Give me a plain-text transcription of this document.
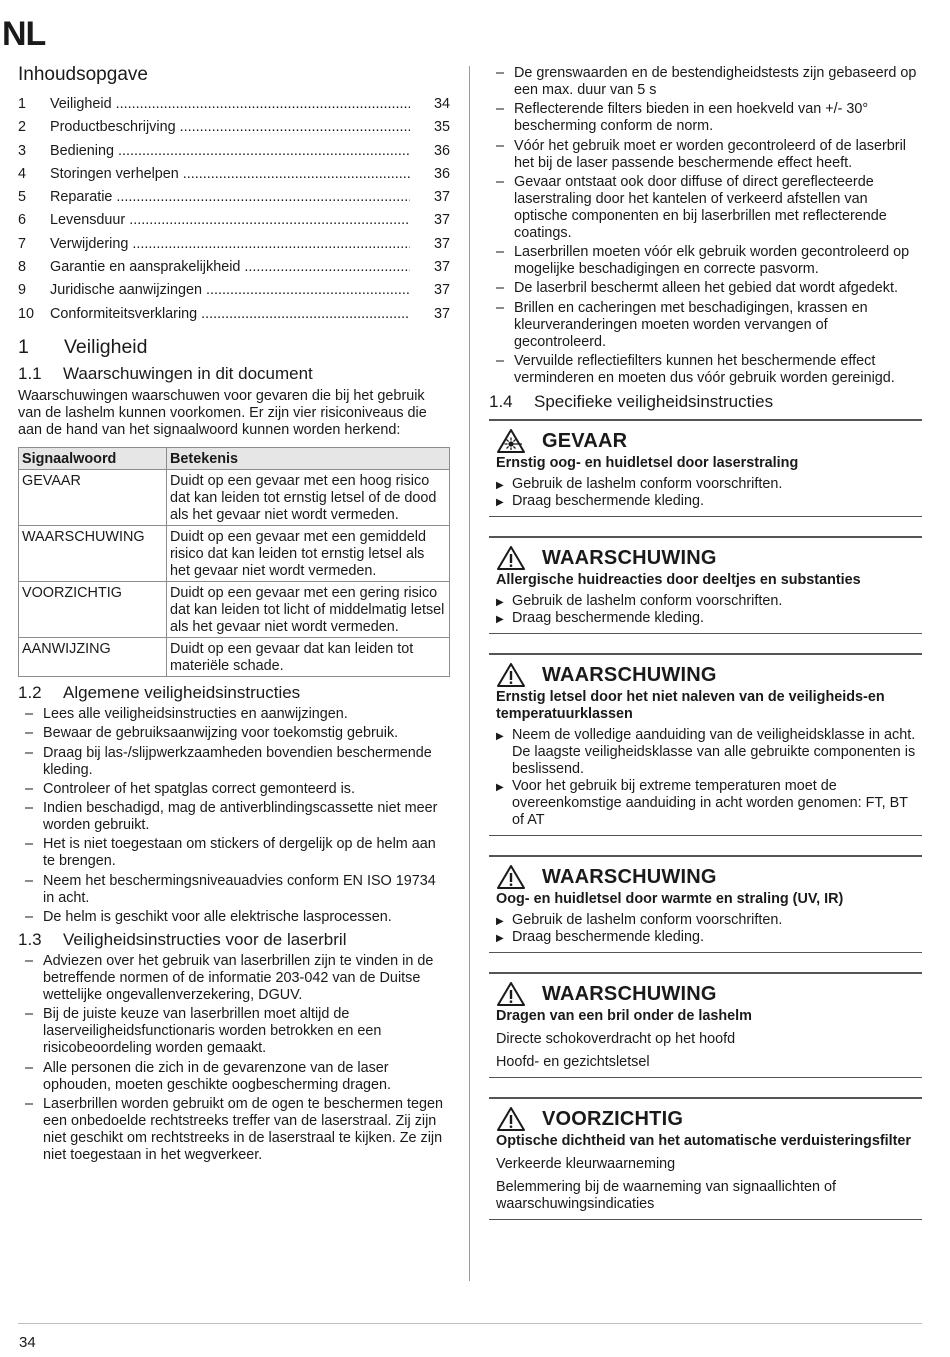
NL
Inhoudsopgave
1	Veiligheid .....	34
2	Productbeschrijving .....	35
3	Bediening .....	36
4	Storingen verhelpen .....	36
5	Reparatie .....	37
6	Levensduur .....	37
7	Verwijdering .....	37
8	Garantie en aansprakelijkheid .....	37
9	Juridische aanwijzingen .....	37
10	Conformiteitsverklaring .....	37
1	Veiligheid
1.1	Waarschuwingen in dit document
Waarschuwingen waarschuwen voor gevaren die bij het gebruik van de lashelm kunnen voorkomen. Er zijn vier risiconiveaus die aan de hand van het signaalwoord kunnen worden herkend:
Signaalwoord	Betekenis
GEVAAR	Duidt op een gevaar met een hoog risico dat kan leiden tot ernstig letsel of de dood als het gevaar niet wordt vermeden.
WAARSCHUWING	Duidt op een gevaar met een gemiddeld risico dat kan leiden tot ernstig letsel als het gevaar niet wordt vermeden.
VOORZICHTIG	Duidt op een gevaar met een gering risico dat kan leiden tot licht of middelmatig letsel als het gevaar niet wordt vermeden.
AANWIJZING	Duidt op een gevaar dat kan leiden tot materiële schade.
1.2	Algemene veiligheidsinstructies
– Lees alle veiligheidsinstructies en aanwijzingen.
– Bewaar de gebruiksaanwijzing voor toekomstig gebruik.
– Draag bij las-/slijpwerkzaamheden bovendien beschermende kleding.
– Controleer of het spatglas correct gemonteerd is.
– Indien beschadigd, mag de antiverblindingscassette niet meer worden gebruikt.
– Het is niet toegestaan om stickers of dergelijk op de helm aan te brengen.
– Neem het beschermingsniveauadvies conform EN ISO 19734 in acht.
– De helm is geschikt voor alle elektrische lasprocessen.
1.3	Veiligheidsinstructies voor de laserbril
– Adviezen over het gebruik van laserbrillen zijn te vinden in de betreffende normen of de informatie 203-042 van de Duitse wettelijke ongevallenverzekering, DGUV.
– Bij de juiste keuze van laserbrillen moet altijd de laserveiligheidsfunctionaris worden betrokken en een risicobeoordeling worden gemaakt.
– Alle personen die zich in de gevarenzone van de laser ophouden, moeten geschikte oogbescherming dragen.
– Laserbrillen worden gebruikt om de ogen te beschermen tegen een onbedoelde rechtstreeks treffer van de laserstraal. Zij zijn niet geschikt om rechtstreeks in de laserstraal te kijken. Ze zijn niet toegestaan in het wegverkeer.
– De grenswaarden en de bestendigheidstests zijn gebaseerd op een max. duur van 5 s
– Reflecterende filters bieden in een hoekveld van +/- 30° bescherming conform de norm.
– Vóór het gebruik moet er worden gecontroleerd of de laserbril het bij de laser passende beschermende effect heeft.
– Gevaar ontstaat ook door diffuse of direct gereflecteerde laserstraling door het kantelen of verkeerd afstellen van optische componenten en bij laserbrillen met reflecterende coatings.
– Laserbrillen moeten vóór elk gebruik worden gecontroleerd op mogelijke beschadigingen en correcte pasvorm.
– De laserbril beschermt alleen het gebied dat wordt afgedekt.
– Brillen en cacheringen met beschadigingen, krassen en kleurveranderingen moeten worden vervangen of gecontroleerd.
– Vervuilde reflectiefilters kunnen het beschermende effect verminderen en moeten dus vóór gebruik worden gereinigd.
1.4	Specifieke veiligheidsinstructies
GEVAAR
Ernstig oog- en huidletsel door laserstraling
▶ Gebruik de lashelm conform voorschriften.
▶ Draag beschermende kleding.
WAARSCHUWING
Allergische huidreacties door deeltjes en substanties
▶ Gebruik de lashelm conform voorschriften.
▶ Draag beschermende kleding.
WAARSCHUWING
Ernstig letsel door het niet naleven van de veiligheids-en temperatuurklassen
▶ Neem de volledige aanduiding van de veiligheidsklasse in acht. De laagste veiligheidsklasse van alle gebruikte componenten is beslissend.
▶ Voor het gebruik bij extreme temperaturen moet de overeenkomstige aanduiding in acht worden genomen: FT, BT of AT
WAARSCHUWING
Oog- en huidletsel door warmte en straling (UV, IR)
▶ Gebruik de lashelm conform voorschriften.
▶ Draag beschermende kleding.
WAARSCHUWING
Dragen van een bril onder de lashelm
Directe schokoverdracht op het hoofd
Hoofd- en gezichtsletsel
VOORZICHTIG
Optische dichtheid van het automatische verduisteringsfilter
Verkeerde kleurwaarneming
Belemmering bij de waarneming van signaallichten of waarschuwingsindicaties
34
